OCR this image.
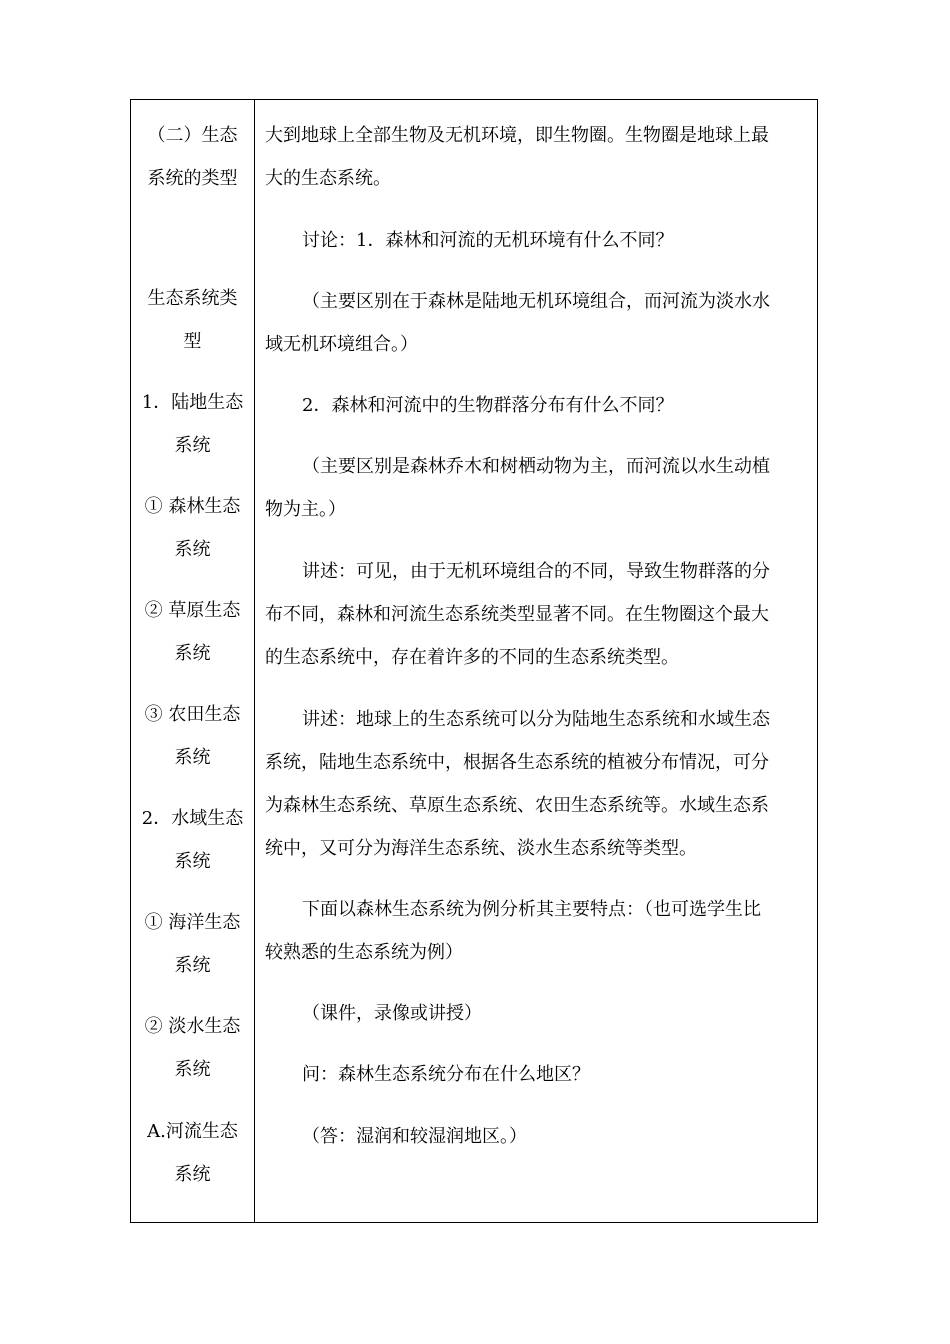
（二）生态
系统的类型
生态系统类
型
1．陆地生态
系统
① 森林生态
系统
② 草原生态
系统
③ 农田生态
系统
2．水域生态
系统
① 海洋生态
系统
② 淡水生态
系统
A.河流生态
系统
大到地球上全部生物及无机环境，即生物圈。生物圈是地球上最
大的生态系统。
讨论：1．森林和河流的无机环境有什么不同？
（主要区别在于森林是陆地无机环境组合，而河流为淡水水
域无机环境组合。）
2．森林和河流中的生物群落分布有什么不同？
（主要区别是森林乔木和树栖动物为主，而河流以水生动植
物为主。）
讲述：可见，由于无机环境组合的不同，导致生物群落的分
布不同，森林和河流生态系统类型显著不同。在生物圈这个最大
的生态系统中，存在着许多的不同的生态系统类型。
讲述：地球上的生态系统可以分为陆地生态系统和水域生态
系统，陆地生态系统中，根据各生态系统的植被分布情况，可分
为森林生态系统、草原生态系统、农田生态系统等。水域生态系
统中，又可分为海洋生态系统、淡水生态系统等类型。
下面以森林生态系统为例分析其主要特点：（也可选学生比
较熟悉的生态系统为例）
（课件，录像或讲授）
问：森林生态系统分布在什么地区？
（答：湿润和较湿润地区。）
